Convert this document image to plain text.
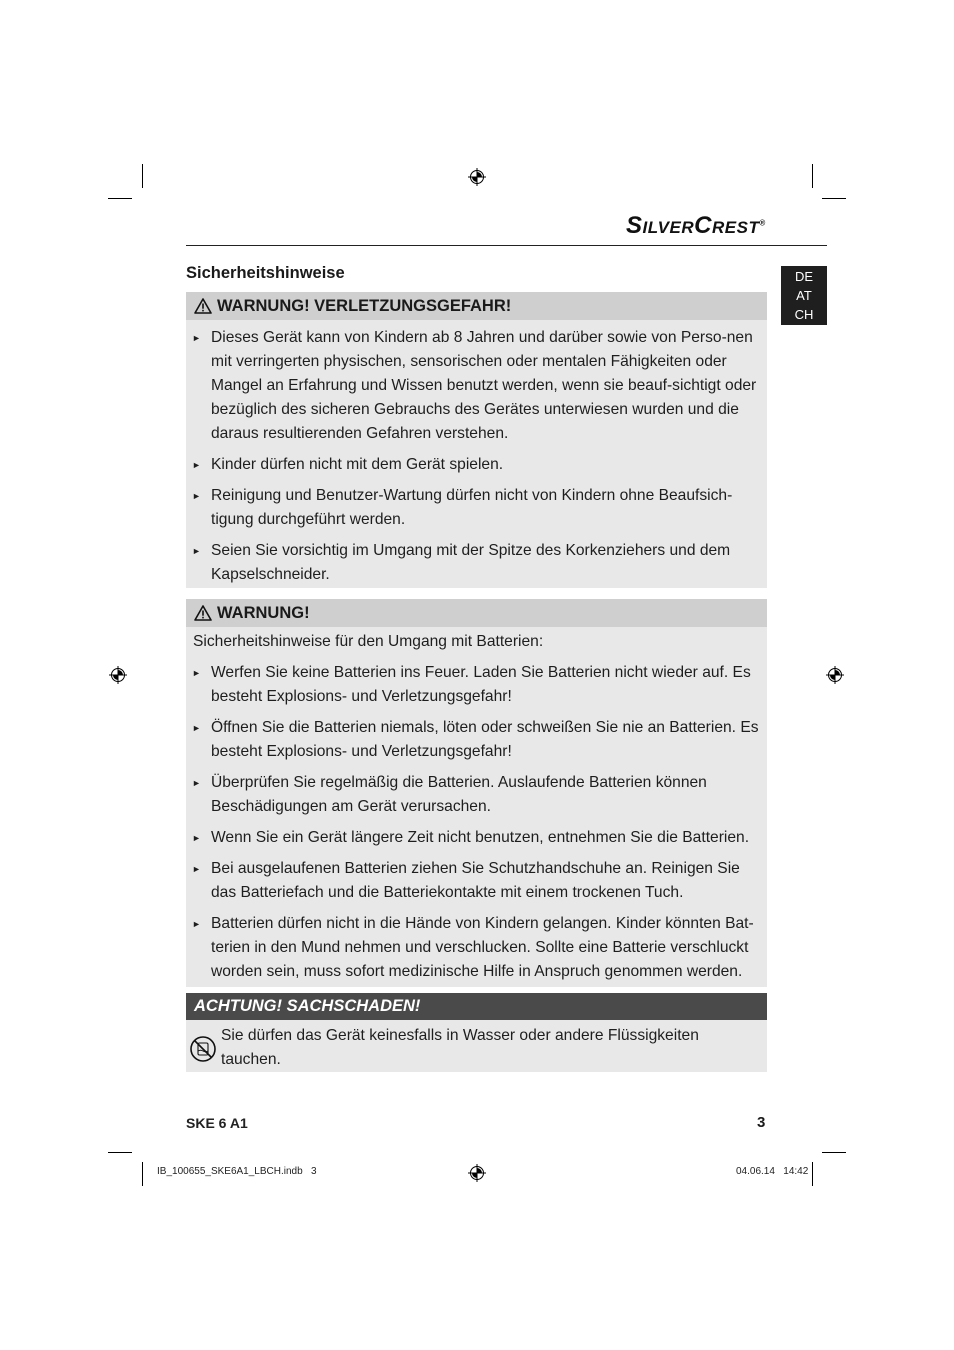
SILVERCREST®
DE
AT
CH
Sicherheitshinweise
WARNUNG! VERLETZUNGSGEFAHR!
► Dieses Gerät kann von Kindern ab 8 Jahren und darüber sowie von Perso-nen mit verringerten physischen, sensorischen oder mentalen Fähigkeiten oder Mangel an Erfahrung und Wissen benutzt werden, wenn sie beauf-sichtigt oder bezüglich des sicheren Gebrauchs des Gerätes unterwiesen wurden und die daraus resultierenden Gefahren verstehen.
► Kinder dürfen nicht mit dem Gerät spielen.
► Reinigung und Benutzer-Wartung dürfen nicht von Kindern ohne Beaufsich-tigung durchgeführt werden.
► Seien Sie vorsichtig im Umgang mit der Spitze des Korkenziehers und dem Kapselschneider.
WARNUNG!
Sicherheitshinweise für den Umgang mit Batterien:
► Werfen Sie keine Batterien ins Feuer. Laden Sie Batterien nicht wieder auf. Es besteht Explosions- und Verletzungsgefahr!
► Öffnen Sie die Batterien niemals, löten oder schweißen Sie nie an Batterien. Es besteht Explosions- und Verletzungsgefahr!
► Überprüfen Sie regelmäßig die Batterien. Auslaufende Batterien können Beschädigungen am Gerät verursachen.
► Wenn Sie ein Gerät längere Zeit nicht benutzen, entnehmen Sie die Batterien.
► Bei ausgelaufenen Batterien ziehen Sie Schutzhandschuhe an. Reinigen Sie das Batteriefach und die Batteriekontakte mit einem trockenen Tuch.
► Batterien dürfen nicht in die Hände von Kindern gelangen. Kinder könnten Bat-terien in den Mund nehmen und verschlucken. Sollte eine Batterie verschluckt worden sein, muss sofort medizinische Hilfe in Anspruch genommen werden.
ACHTUNG! SACHSCHADEN!
Sie dürfen das Gerät keinesfalls in Wasser oder andere Flüssigkeiten tauchen.
SKE 6 A1	3
IB_100655_SKE6A1_LBCH.indb   3	04.06.14   14:42
